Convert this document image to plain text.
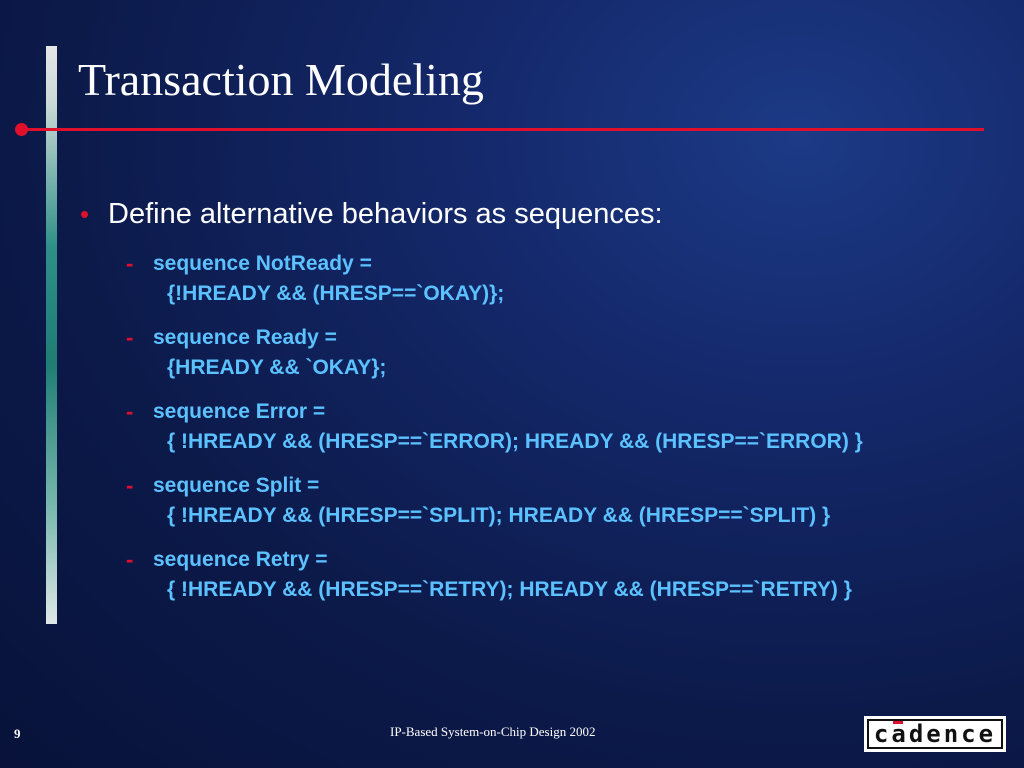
Transaction Modeling
• Define alternative behaviors as sequences:
- sequence NotReady =
{!HREADY && (HRESP==`OKAY)};
- sequence Ready =
{HREADY && `OKAY};
- sequence Error =
{ !HREADY && (HRESP==`ERROR); HREADY && (HRESP==`ERROR) }
- sequence Split =
{ !HREADY && (HRESP==`SPLIT); HREADY && (HRESP==`SPLIT) }
- sequence Retry =
{ !HREADY && (HRESP==`RETRY); HREADY && (HRESP==`RETRY) }
9	IP-Based System-on-Chip Design 2002	cadence
